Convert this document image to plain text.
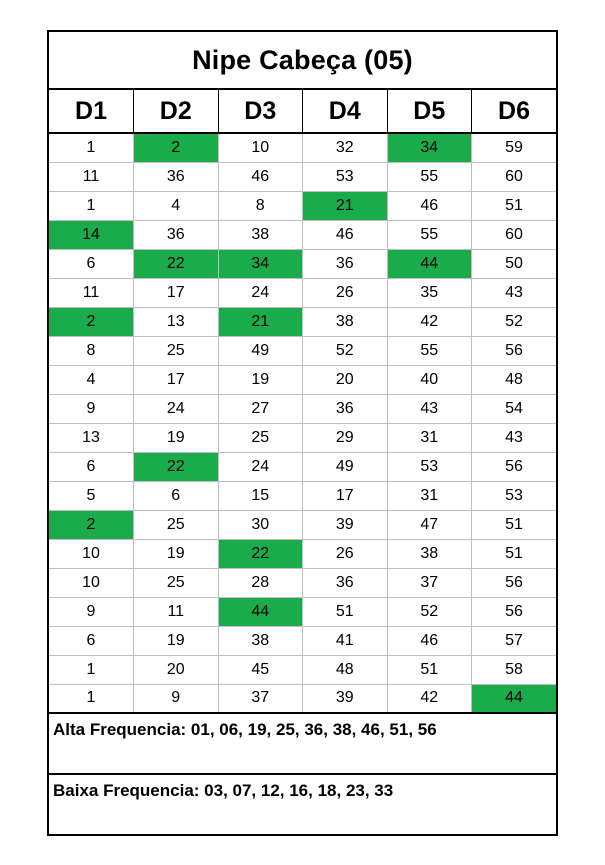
Nipe Cabeça (05)
D1	D2	D3	D4	D5	D6
1	2	10	32	34	59
11	36	46	53	55	60
1	4	8	21	46	51
14	36	38	46	55	60
6	22	34	36	44	50
11	17	24	26	35	43
2	13	21	38	42	52
8	25	49	52	55	56
4	17	19	20	40	48
9	24	27	36	43	54
13	19	25	29	31	43
6	22	24	49	53	56
5	6	15	17	31	53
2	25	30	39	47	51
10	19	22	26	38	51
10	25	28	36	37	56
9	11	44	51	52	56
6	19	38	41	46	57
1	20	45	48	51	58
1	9	37	39	42	44
Alta Frequencia: 01, 06, 19, 25, 36, 38, 46, 51, 56
Baixa Frequencia: 03, 07, 12, 16, 18, 23, 33
